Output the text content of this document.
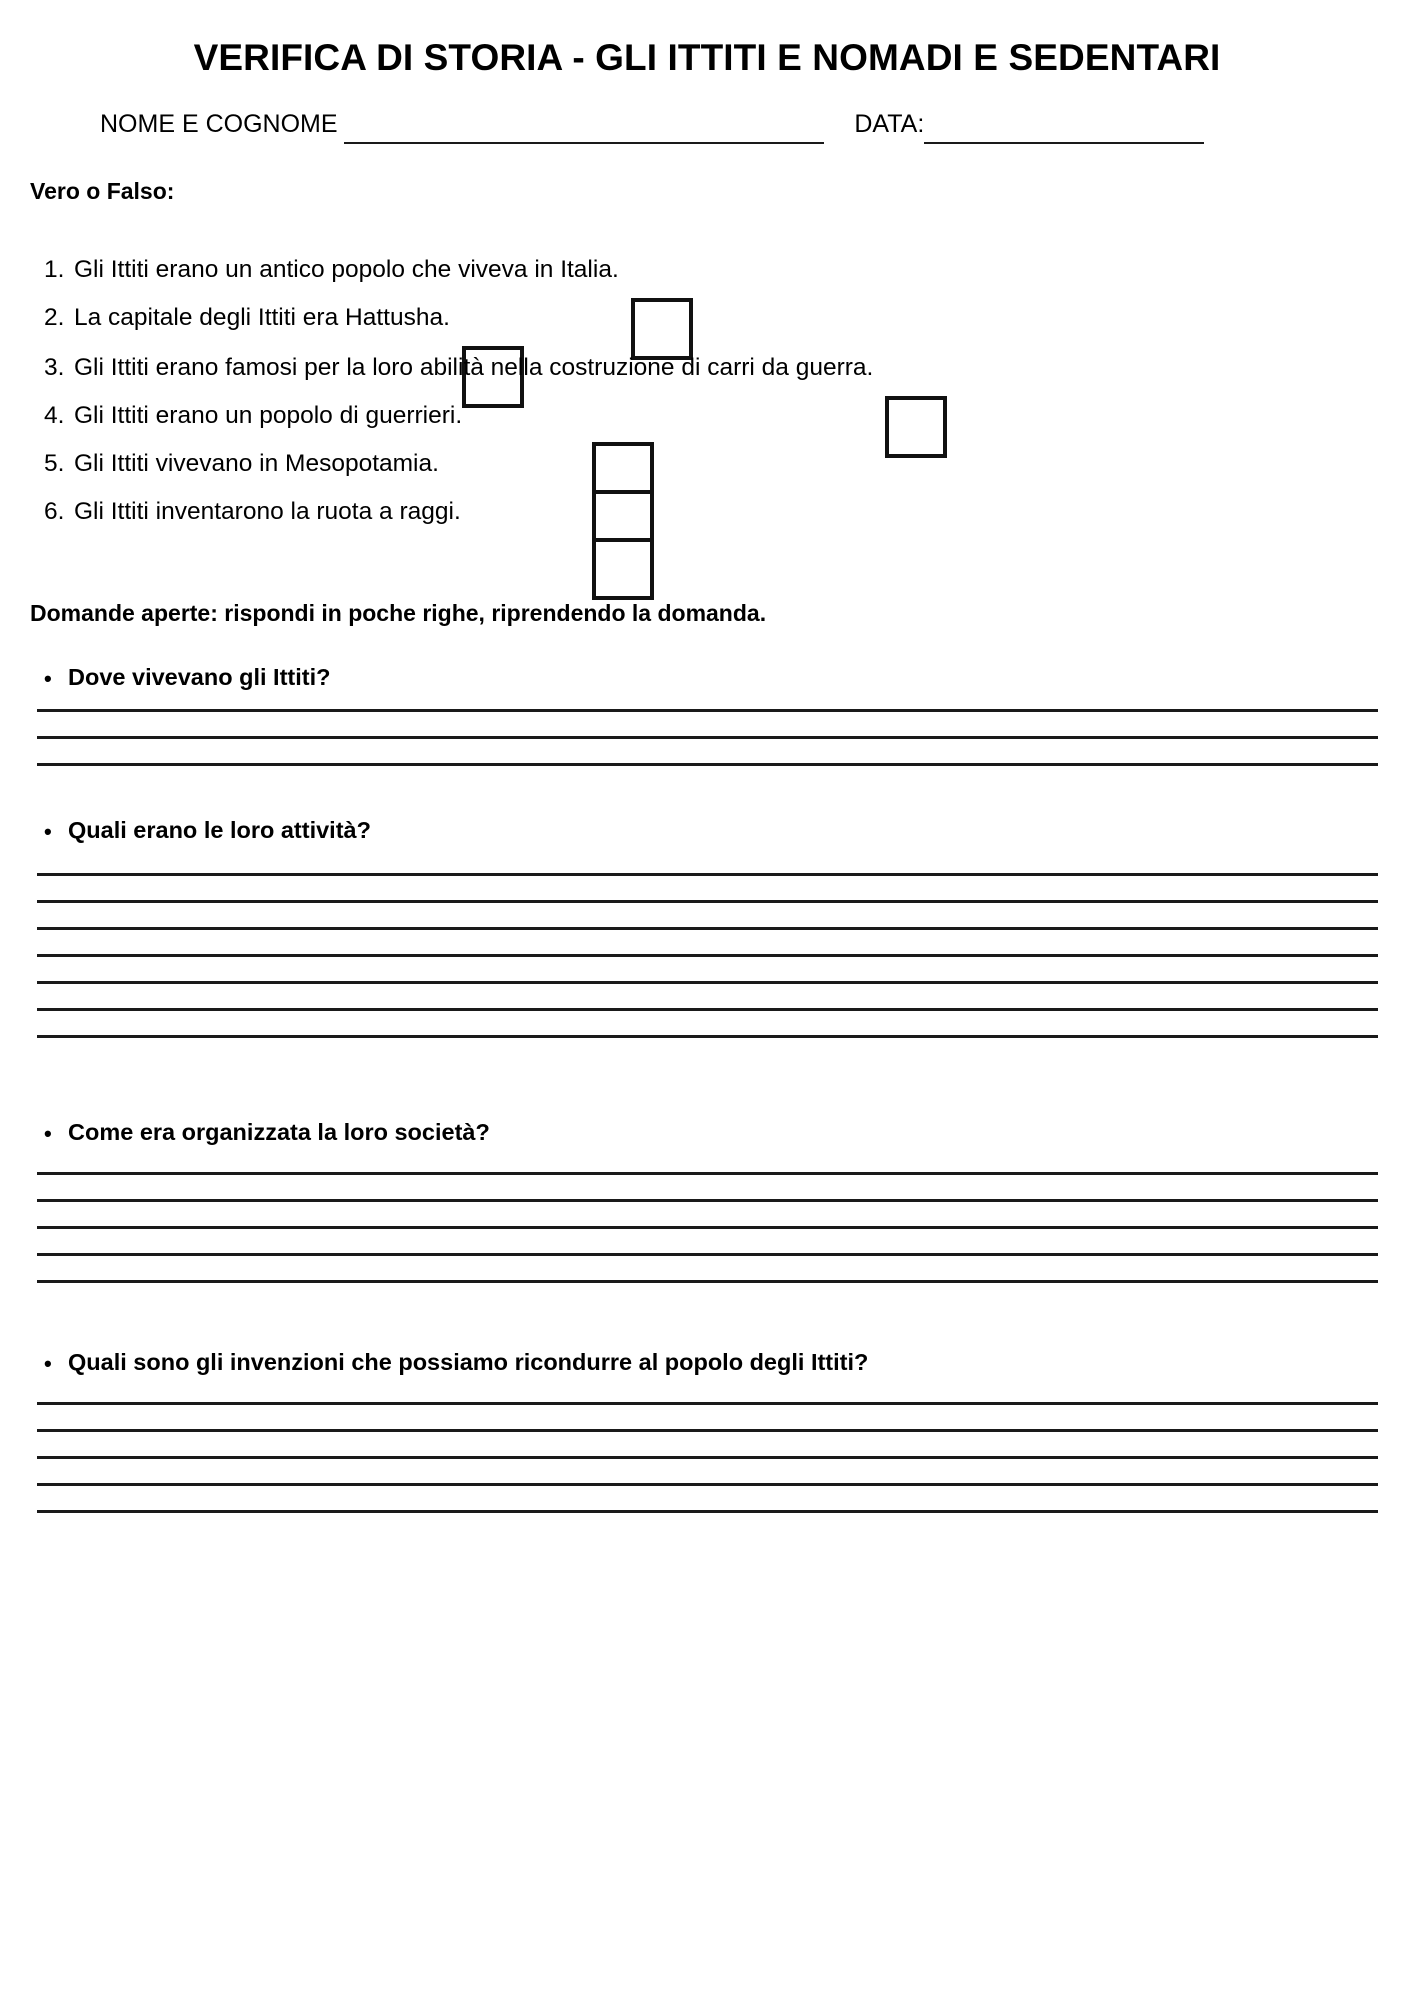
VERIFICA DI STORIA - GLI ITTITI E NOMADI E SEDENTARI
NOME E COGNOME	DATA:
Vero o Falso:
1. Gli Ittiti erano un antico popolo che viveva in Italia.
2. La capitale degli Ittiti era Hattusha.
3. Gli Ittiti erano famosi per la loro abilità nella costruzione di carri da guerra.
4. Gli Ittiti erano un popolo di guerrieri.
5. Gli Ittiti vivevano in Mesopotamia.
6. Gli Ittiti inventarono la ruota a raggi.
Domande aperte: rispondi in poche righe, riprendendo la domanda.
• Dove vivevano gli Ittiti?
• Quali erano le loro attività?
• Come era organizzata la loro società?
• Quali sono gli invenzioni che possiamo ricondurre al popolo degli Ittiti?
